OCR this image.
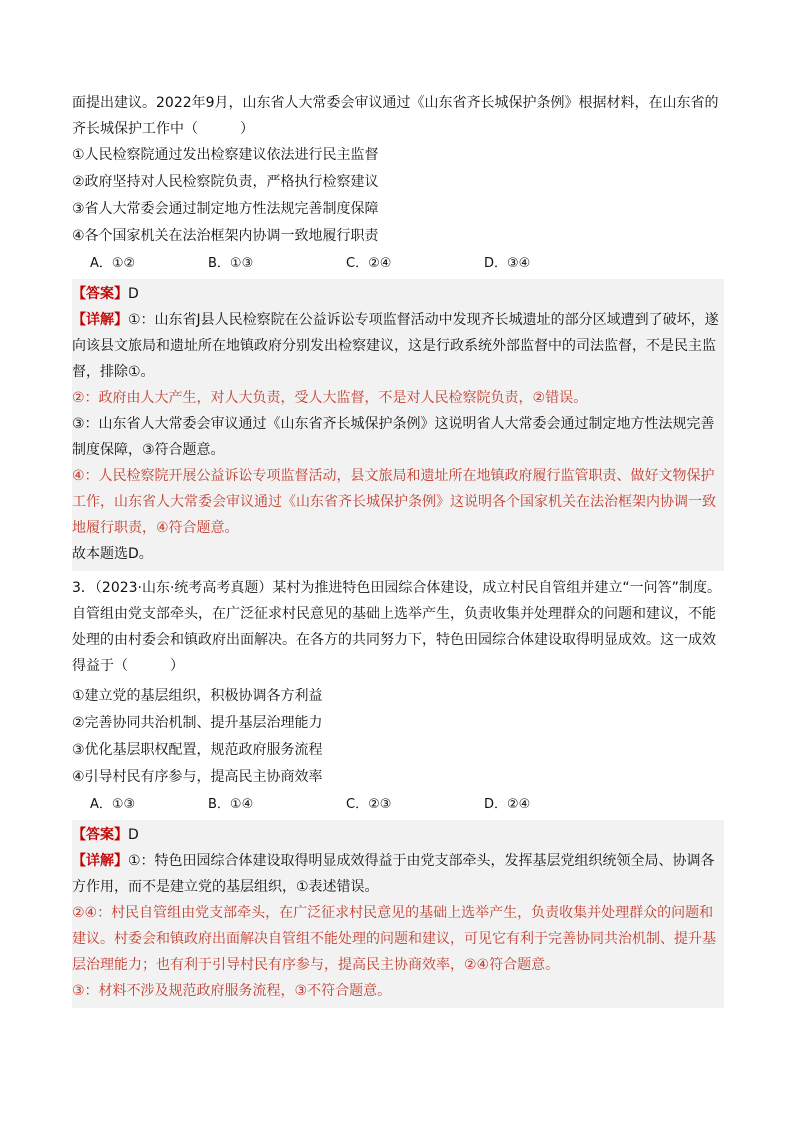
面提出建议。2022年9月，山东省人大常委会审议通过《山东省齐长城保护条例》根据材料，在山东省的

齐长城保护工作中（　　　）

①人民检察院通过发出检察建议依法进行民主监督

②政府坚持对人民检察院负责，严格执行检察建议

③省人大常委会通过制定地方性法规完善制度保障

④各个国家机关在法治框架内协调一致地履行职责

A．①②	B．①③	C．②④	D．③④

【答案】D

【详解】①：山东省J县人民检察院在公益诉讼专项监督活动中发现齐长城遗址的部分区域遭到了破坏，遂向该县文旅局和遗址所在地镇政府分别发出检察建议，这是行政系统外部监督中的司法监督，不是民主监督，排除①。

②：政府由人大产生，对人大负责，受人大监督，不是对人民检察院负责，②错误。

③：山东省人大常委会审议通过《山东省齐长城保护条例》这说明省人大常委会通过制定地方性法规完善制度保障，③符合题意。

④：人民检察院开展公益诉讼专项监督活动，县文旅局和遗址所在地镇政府履行监管职责、做好文物保护工作，山东省人大常委会审议通过《山东省齐长城保护条例》这说明各个国家机关在法治框架内协调一致地履行职责，④符合题意。

故本题选D。

3．（2023·山东·统考高考真题）某村为推进特色田园综合体建设，成立村民自管组并建立“一问答”制度。自管组由党支部牵头，在广泛征求村民意见的基础上选举产生，负责收集并处理群众的问题和建议，不能处理的由村委会和镇政府出面解决。在各方的共同努力下，特色田园综合体建设取得明显成效。这一成效得益于（　　　）

①建立党的基层组织，积极协调各方利益

②完善协同共治机制、提升基层治理能力

③优化基层职权配置，规范政府服务流程

④引导村民有序参与，提高民主协商效率

A．①③	B．①④	C．②③	D．②④

【答案】D

【详解】①：特色田园综合体建设取得明显成效得益于由党支部牵头，发挥基层党组织统领全局、协调各方作用，而不是建立党的基层组织，①表述错误。

②④：村民自管组由党支部牵头，在广泛征求村民意见的基础上选举产生，负责收集并处理群众的问题和建议。村委会和镇政府出面解决自管组不能处理的问题和建议，可见它有利于完善协同共治机制、提升基层治理能力；也有利于引导村民有序参与，提高民主协商效率，②④符合题意。

③：材料不涉及规范政府服务流程，③不符合题意。
